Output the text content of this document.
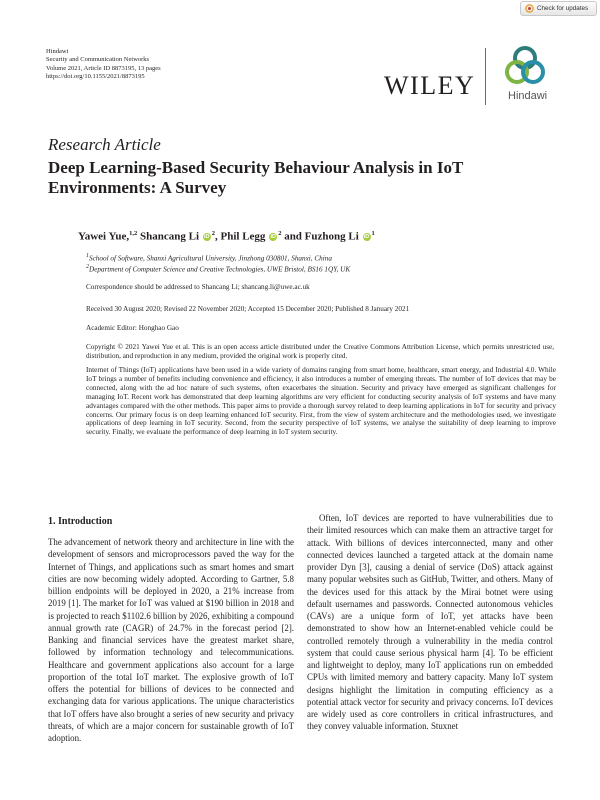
Check for updates
Hindawi
Security and Communication Networks
Volume 2021, Article ID 8873195, 13 pages
https://doi.org/10.1155/2021/8873195	WILEY	Hindawi
Research Article
Deep Learning-Based Security Behaviour Analysis in IoT Environments: A Survey
Yawei Yue,$^{1,2}$ Shancang Li $iD^2$, Phil Legg $iD^2$ and Fuzhong Li $iD^1$
$^1$School of Software, Shanxi Agricultural University, Jinzhong 030801, Shanxi, China
$^2$Department of Computer Science and Creative Technologies, UWE Bristol, BS16 1QY, UK
Correspondence should be addressed to Shancang Li; shancang.li@uwe.ac.uk
Received 30 August 2020; Revised 22 November 2020; Accepted 15 December 2020; Published 8 January 2021
Academic Editor: Honghao Gao
Copyright © 2021 Yawei Yue et al. This is an open access article distributed under the Creative Commons Attribution License, which permits unrestricted use, distribution, and reproduction in any medium, provided the original work is properly cited.
Internet of Things (IoT) applications have been used in a wide variety of domains ranging from smart home, healthcare, smart energy, and Industrial 4.0. While IoT brings a number of benefits including convenience and efficiency, it also introduces a number of emerging threats. The number of IoT devices that may be connected, along with the ad hoc nature of such systems, often exacerbates the situation. Security and privacy have emerged as significant challenges for managing IoT. Recent work has demonstrated that deep learning algorithms are very efficient for conducting security analysis of IoT systems and have many advantages compared with the other methods. This paper aims to provide a thorough survey related to deep learning applications in IoT for security and privacy concerns. Our primary focus is on deep learning enhanced IoT security. First, from the view of system architecture and the methodologies used, we investigate applications of deep learning in IoT security. Second, from the security perspective of IoT systems, we analyse the suitability of deep learning to improve security. Finally, we evaluate the performance of deep learning in IoT system security.
1. Introduction

The advancement of network theory and architecture in line with the development of sensors and microprocessors paved the way for the Internet of Things, and applications such as smart homes and smart cities are now becoming widely adopted. According to Gartner, 5.8 billion endpoints will be deployed in 2020, a 21% increase from 2019 [1]. The market for IoT was valued at $190 billion in 2018 and is projected to reach $1102.6 billion by 2026, exhibiting a compound annual growth rate (CAGR) of 24.7% in the forecast period [2]. Banking and financial services have the greatest market share, followed by information technology and telecommunications. Healthcare and government applications also account for a large proportion of the total IoT market. The explosive growth of IoT offers the potential for billions of devices to be connected and exchanging data for various applications. The unique characteristics that IoT offers have also brought a series of new security and privacy threats, of which are a major concern for sustainable growth of IoT adoption.

Often, IoT devices are reported to have vulnerabilities due to their limited resources which can make them an attractive target for attack. With billions of devices interconnected, many and other connected devices launched a targeted attack at the domain name provider Dyn [3], causing a denial of service (DoS) attack against many popular websites such as GitHub, Twitter, and others. Many of the devices used for this attack by the Mirai botnet were using default usernames and passwords. Connected autonomous vehicles (CAVs) are a unique form of IoT, yet attacks have been demonstrated to show how an Internet-enabled vehicle could be controlled remotely through a vulnerability in the media control system that could cause serious physical harm [4]. To be efficient and lightweight to deploy, many IoT applications run on embedded CPUs with limited memory and battery capacity. Many IoT system designs highlight the limitation in computing efficiency as a potential attack vector for security and privacy concerns. IoT devices are widely used as core controllers in critical infrastructures, and they convey valuable information. Stuxnet
